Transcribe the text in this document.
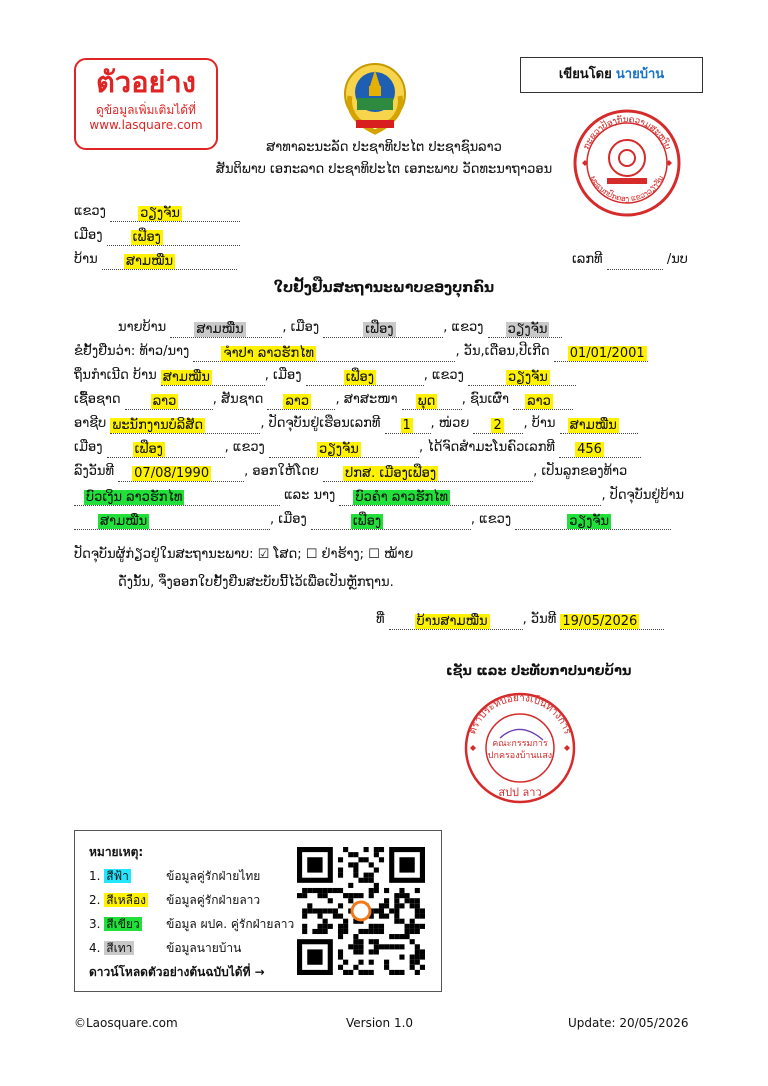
ตัวอย่าง
ดูข้อมูลเพิ่มเติมได้ที่
www.lasquare.com
เขียนโดย นายบ้าน
ກະຊວງປ້ອງກັນຄວາມສະຫງົບ
ພະແນກປົກຄອງ ແຂວງວຽງຈັນ
ສາທາລະນະລັດ ປະຊາທິປະໄຕ ປະຊາຊົນລາວ
ສັນຕິພາບ ເອກະລາດ ປະຊາທິປະໄຕ ເອກະພາບ ວັດທະນາຖາວອນ
ແຂວງ	ວຽງຈັນ
ເມືອງ ເຟືອງ
ບ້ານ ສາມໝື່ນ	ເລກທີ	/ນບ
ໃບຢັ້ງຢືນສະຖານະພາບຂອງບຸກຄົນ
ນາຍບ້ານ ສາມໝື່ນ	, ເມືອງ	ເຟືອງ	, ແຂວງ ວຽງຈັນ
ຂໍຢັ້ງຢືນວ່າ: ທ້າວ/ນາງ	ຈໍາປາ ລາວຮັກໄທ	, ວັນ,ເດືອນ,ປີເກີດ 01/01/2001
ຖິ່ນກໍາເນີດ ບ້ານ ສາມໝື່ນ	, ເມືອງ	ເຟືອງ	, ແຂວງ	ວຽງຈັນ
ເຊື້ອຊາດ ລາວ	, ສັນຊາດ ລາວ , ສາສະໜາ ພຸດ , ຊົນເຜົ່າ ລາວ
ອາຊີບ ພະນັກງານບໍລິສັດ	, ປັດຈຸບັນຢູ່ເຮືອນເລກທີ 1 , ໜ່ວຍ 2 , ບ້ານ ສາມໝື່ນ
ເມືອງ ເຟືອງ	, ແຂວງ	ວຽງຈັນ	, ໄດ້ຈົດສໍາມະໂນຄົວເລກທີ 456
ລົງວັນທີ 07/08/1990	, ອອກໃຫ້ໂດຍ ປກສ. ເມືອງເຟືອງ	, ເປັນລູກຂອງທ້າວ
ບົວເງິນ ລາວຮັກໄທ	ແລະ ນາງ ບົວຄໍາ ລາວຮັກໄທ	, ປັດຈຸບັນຢູ່ບ້ານ
ສາມໝື່ນ	, ເມືອງ	ເຟືອງ	, ແຂວງ	ວຽງຈັນ
ປັດຈຸບັນຜູ້ກ່ຽວຢູ່ໃນສະຖານະພາບ: ☑ ໂສດ; ☐ ຢ່າຮ້າງ; ☐ ໝ້າຍ
ດັ່ງນັ້ນ, ຈຶ່ງອອກໃບຢັ້ງຢືນສະບັບນີ້ໄວ້ເພື່ອເປັນຫຼັກຖານ.
ທີ່ ບ້ານສາມໝື່ນ	, ວັນທີ 19/05/2026
ເຊັນ ແລະ ປະທັບກາປນາຍບ້ານ
ตราประทับอย่างเป็นทางการ
คณะกรรมการ
ปกครองบ้านแสง
สปป ลาว
หมายเหตุ:
1. สีฟ้า	ข้อมูลคู่รักฝ่ายไทย
2. สีเหลือง ข้อมูลคู่รักฝ่ายลาว
3. สีเขียว ข้อมูล ผปค. คู่รักฝ่ายลาว
4. สีเทา	ข้อมูลนายบ้าน
ดาวน์โหลดตัวอย่างต้นฉบับได้ที่ →
©Laosquare.com	Version 1.0	Update: 20/05/2026
